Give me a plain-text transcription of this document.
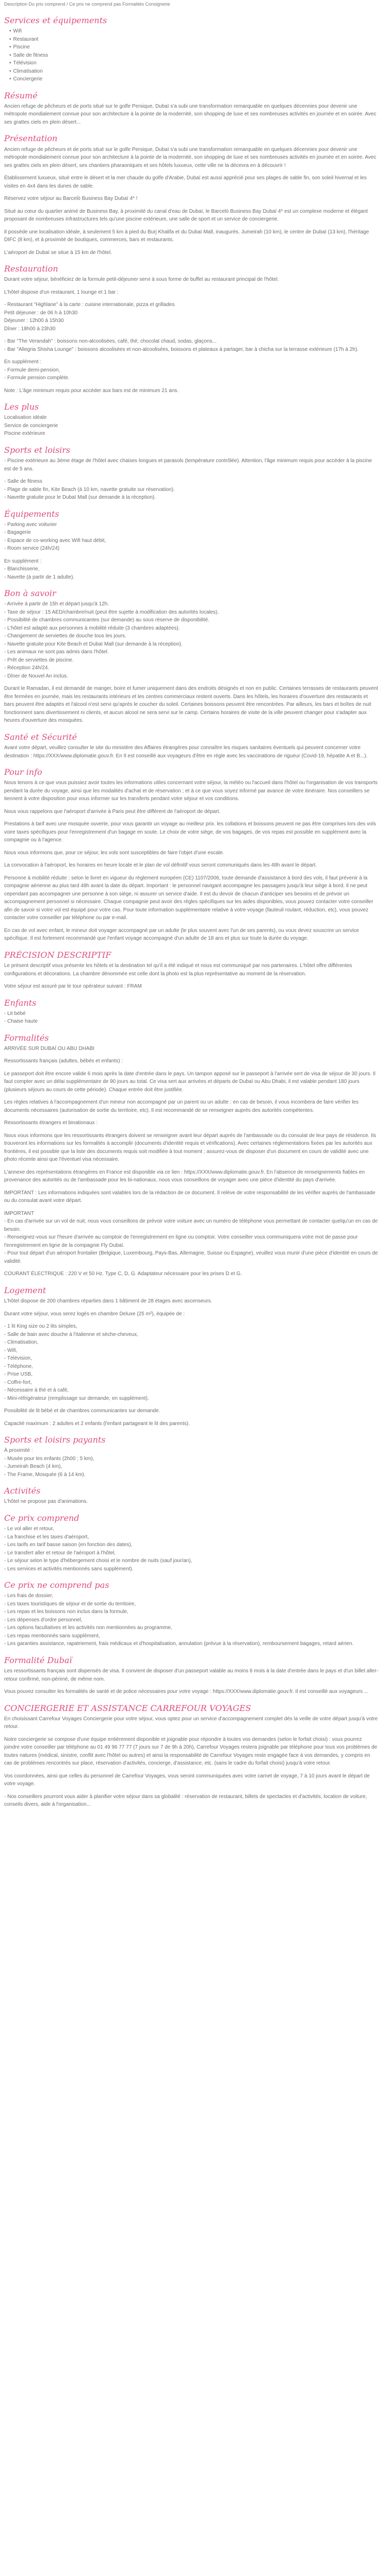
Description Du prix comprend / Ce prix ne comprend pas Formalités Consignerie
Services et équipements
• Wifi
• Restaurant
• Piscine
• Salle de fitness
• Télévision
• Climatisation
• Conciergerie
Résumé

Ancien refuge de pêcheurs et de ports situé sur le golfe Persique, Dubaï s'a subi une transformation remarquable en quelques décennies pour devenir une métropole mondialement connue pour son architecture à la pointe de la modernité, son shopping de luxe et ses nombreuses activités en journée et en soirée. Avec ses grattes ciels en plein désert...

Présentation

Ancien refuge de pêcheurs et de ports situé sur le golfe Persique, Dubaï s'a subi une transformation remarquable en quelques décennies pour devenir une métropole mondialement connue pour son architecture à la pointe de la modernité, son shopping de luxe et ses nombreuses activités en journée et en soirée. Avec ses grattes ciels en plein désert, ses chantiers pharaoniques et ses hôtels luxueux, cette ville ne la décevra en à découvrir !

Établissement luxueux, situé entre le désert et la mer chaude du golfe d'Arabie, Dubaï est aussi apprécié pour ses plages de sable fin, son soleil hivernal et les visites en 4x4 dans les dunes de sable.

Réservez votre séjour au Barcelò Business Bay Dubaï 4* !

Situé au cœur du quartier animé de Business Bay, à proximité du canal d'eau de Dubaï, le Barcelò Business Bay Dubaï 4* est un complexe moderne et élégant proposant de nombreuses infrastructures tels qu'une piscine extérieure, une salle de sport et un service de conciergerie.

Il possède une localisation idéale, à seulement 5 km à pied du Burj Khalifa et du Dubaï Mall, inaugurés. Jumeirah (10 km), le centre de Dubaï (13 km), l'héritage DIFC (8 km), et à proximité de boutiques, commerces, bars et restaurants.

L'aéroport de Dubaï se situe à 15 km de l'hôtel.

Restauration

Durant votre séjour, bénéficiez de la formule petit-déjeuner servi à sous forme de buffet au restaurant principal de l'hôtel.

L'hôtel dispose d'un restaurant, 1 lounge et 1 bar :

- Restaurant "Highlane" à la carte : cuisine internationale, pizza et grillades
Petit déjeuner : de 06 h à 10h30
Déjeuner : 12h00 à 15h30
Dîner : 18h00 à 23h30
- Bar "The Verandah" : boissons non-alcoolisées, café, thé, chocolat chaud, sodas, glaçons...
- Bar "Allegria Shisha Lounge" : boissons alcoolisées et non-alcoolisées, boissons et plateaux à partager, bar à chicha sur la terrasse extérieure (17h à 2h).
En supplément :
- Formule demi-pension,
- Formule pension complète.

Note : L'âge minimum requis pour accéder aux bars est de minimum 21 ans.

Les plus
Localisation idéale
Service de conciergerie
Piscine extérieure
Sports et loisirs

- Piscine extérieure au 3ème étage de l'hôtel avec chaises longues et parasols (température contrôlée). Attention, l'âge minimum requis pour accéder à la piscine est de 5 ans.

- Salle de fitness
- Plage de sable fin, Kite Beach (à 10 km, navette gratuite sur réservation).
- Navette gratuite pour le Dubaï Mall (sur demande à la réception).
Équipements
- Parking avec voiturier
- Bagagerie
- Espace de co-working avec Wifi haut débit,
- Room service (24h/24)
En supplément :
- Blanchisserie,
- Navette (à partir de 1 adulte).
Bon à savoir
- Arrivée à partir de 15h et départ jusqu'à 12h.
- Taxe de séjour : 15 AED/chambre/nuit (peut être sujette à modification des autorités locales).
- Possibilité de chambres communicantes (sur demande) au sous réserve de disponibilité.
- L'hôtel est adapté aux personnes à mobilité réduite (3 chambres adaptées).
- Changement de serviettes de douche tous les jours.
- Navette gratuite pour Kite Beach et Dubaï Mall (sur demande à la réception).
- Les animaux ne sont pas admis dans l'hôtel.
- Prêt de serviettes de piscine.
- Réception 24h/24.
- Dîner de Nouvel An inclus.

Durant le Ramadan, il est demandé de manger, boire et fumer uniquement dans des endroits désignés et non en public. Certaines terrasses de restaurants peuvent être fermées en journée, mais les restaurants intérieurs et les centres commerciaux restent ouverts. Dans les hôtels, les horaires d'ouverture des restaurants et bars peuvent être adaptés et l'alcool n'est servi qu'après le coucher du soleil. Certaines boissons peuvent être rencontrées. Par ailleurs, les bars et boîtes de nuit fonctionnent sans divertissement ni clients, et aucun alcool ne sera servi sur le camp. Certains horaires de visite de la ville peuvent changer pour s'adapter aux heures d'ouverture des mosquées.

Santé et Sécurité

Avant votre départ, veuillez consulter le site du ministère des Affaires étrangères pour connaître les risques sanitaires éventuels qui peuvent concerner votre destination : https://XXX/www.diplomatie.gouv.fr. En Il est conseillé aux voyageurs d'être en règle avec les vaccinations de rigueur (Covid-19, hépatite A et B...).

Pour info

Nous tenons à ce que vous puissiez avoir toutes les informations utiles concernant votre séjour, la météo ou l'accueil dans l'hôtel ou l'organisation de vos transports pendant la durée du voyage, ainsi que les modalités d'achat et de réservation ; et à ce que vous soyez informé par avance de votre itinéraire. Nos conseillers se tiennent à votre disposition pour vous informer sur les transferts pendant votre séjour et vos conditions.

Nous vous rappelons que l'aéroport d'arrivée à Paris peut être différent de l'aéroport de départ.

Prestations à tarif avec une mosquée ouverte, pour vous garantir un voyage au meilleur prix. les collations et boissons peuvent ne pas être comprises lors des vols voire taxes spécifiques pour l'enregistrement d'un bagage en soute. Le choix de votre siège, de vos bagages, de vos repas est possible en supplément avec la compagnie ou à l'agence.

Nous vous informons que, pour ce séjour, les vols sont susceptibles de faire l'objet d'une escale.

La convocation à l'aéroport, les horaires en heure locale et le plan de vol définitif vous seront communiqués dans les 48h avant le départ.

Personne à mobilité réduite : selon le livret en vigueur du règlement européen (CE) 1107/2006, toute demande d'assistance à bord des vols, il faut prévenir à la compagnie aérienne au plus tard 48h avant la date du départ. Important : le personnel navigant accompagne les passagers jusqu'à leur siège à bord. Il ne peut cependant pas accompagner une personne à son siège, ni assurer un service d'aide. Il est du devoir de chacun d'anticiper ses besoins et de prévoir un accompagnement personnel si nécessaire. Chaque compagnie peut avoir des règles spécifiques sur les aides disponibles, vous pouvez contacter votre conseiller afin de savoir si votre vol est équipé pour votre cas. Pour toute information supplémentaire relative à votre voyage (fauteuil roulant, réduction, etc), vous pouvez contacter votre conseiller par téléphone ou par e-mail.

En cas de vol avec enfant, le mineur doit voyager accompagné par un adulte (le plus souvent avec l'un de ses parents), ou vous devez souscrire un service spécifique. Il est fortement recommandé que l'enfant voyage accompagné d'un adulte de 18 ans et plus sur toute la durée du voyage.

PRÉCISION DESCRIPTIF

Le présent descriptif vous présente les hôtels et la destination tel qu'il a été indiqué et nous est communiqué par nos partenaires. L'hôtel offre différentes configurations et décorations. La chambre dénommée est celle dont la photo est la plus représentative au moment de la réservation.

Votre séjour est assuré par le tour opérateur suivant : FRAM

Enfants
- Lit bébé
- Chaise haute
Formalités

ARRIVÉE SUR DUBAÏ OU ABU DHABI

Ressortissants français (adultes, bébés et enfants) :

Le passeport doit être encore valide 6 mois après la date d'entrée dans le pays. Un tampon apposé sur le passeport à l'arrivée sert de visa de séjour de 30 jours. Il faut compter avec un délai supplémentaire de 90 jours au total. Ce visa sert aux arrivées et départs de Dubaï ou Abu Dhabi, il est valable pendant 180 jours (plusieurs séjours au cours de cette période). Chaque entrée doit être justifiée.

Les règles relatives à l'accompagnement d'un mineur non accompagné par un parent ou un adulte : en cas de besoin, il vous incombera de faire vérifier les documents nécessaires (autorisation de sortie du territoire, etc). Il est recommandé de se renseigner auprès des autorités compétentes.

Ressortissants étrangers et binationaux :

Nous vous informons que les ressortissants étrangers doivent se renseigner avant leur départ auprès de l'ambassade ou du consulat de leur pays de résidence. Ils trouveront les informations sur les formalités à accomplir (documents d'identité requis et vérifications). Avec certaines réglementations fixées par les autorités aux frontières, il est possible que la liste des documents requis soit modifiée à tout moment ; assurez-vous de disposer d'un document en cours de validité avec une photo récente ainsi que l'éventuel visa nécessaire.

L'annexe des représentations étrangères en France est disponible via ce lien : https://XXX/www.diplomatie.gouv.fr. En l'absence de renseignements fiables en provenance des autorités ou de l'ambassade pour les bi-nationaux, nous vous conseillons de voyager avec une pièce d'identité du pays d'arrivée.

IMPORTANT : Les informations indiquées sont valables lors de la rédaction de ce document. Il relève de votre responsabilité de les vérifier auprès de l'ambassade ou du consulat avant votre départ.

IMPORTANT
- En cas d'arrivée sur un vol de nuit, nous vous conseillons de prévoir votre voiture avec un numéro de téléphone vous permettant de contacter quelqu'un en cas de besoin.
- Renseignez-vous sur l'heure d'arrivée au comptoir de l'enregistrement en ligne ou comptoir. Votre conseiller vous communiquera votre mot de passe pour l'enregistrement en ligne de la compagnie Fly Dubaï.
- Pour tout départ d'un aéroport frontalier (Belgique, Luxembourg, Pays-Bas, Allemagne, Suisse ou Espagne), veuillez vous munir d'une pièce d'identité en cours de validité.

COURANT ÉLECTRIQUE : 220 V et 50 Hz. Type C, D, G. Adaptateur nécessaire pour les prises D et G.

Logement

L'hôtel dispose de 200 chambres réparties dans 1 bâtiment de 28 étages avec ascenseurs.

Durant votre séjour, vous serez logés en chambre Deluxe (25 m²), équipée de :

- 1 lit King size ou 2 lits simples,
- Salle de bain avec douche à l'italienne et sèche-cheveux,
- Climatisation,
- Wifi,
- Télévision,
- Téléphone,
- Prise USB,
- Coffre-fort,
- Nécessaire à thé et à café,
- Mini-réfrigérateur (remplissage sur demande, en supplément).

Possibilité de lit bébé et de chambres communicantes sur demande.

Capacité maximum : 2 adultes et 2 enfants (l'enfant partageant le lit des parents).

Sports et loisirs payants
À proximité :
- Musée pour les enfants (2h00 ; 5 km),
- Jumeirah Beach (4 km),
- The Frame, Mosquée (6 à 14 km).
Activités

L'hôtel ne propose pas d'animations.

Ce prix comprend
- Le vol aller et retour,
- La franchise et les taxes d'aéroport,
- Les tarifs en tarif basse saison (en fonction des dates),
- Le transfert aller et retour de l'aéroport à l'hôtel,
- Le séjour selon le type d'hébergement choisi et le nombre de nuits (sauf jour/an),
- Les services et activités mentionnés sans supplément).
Ce prix ne comprend pas
- Les frais de dossier,
- Les taxes touristiques de séjour et de sortie du territoire,
- Les repas et les boissons non inclus dans la formule,
- Les dépenses d'ordre personnel,
- Les options facultatives et les activités non mentionnées au programme,
- Les repas mentionnés sans supplément,
- Les garanties assistance, rapatriement, frais médicaux et d'hospitalisation, annulation (prévue à la réservation), remboursement bagages, retard aérien.
Formalité Dubaï

Les ressortissants français sont dispensés de visa. Il convient de disposer d'un passeport valable au moins 6 mois à la date d'entrée dans le pays et d'un billet aller-retour confirmé, non-périmé, de même nom.

Vous pouvez consulter les formalités de santé et de police nécessaires pour votre voyage : https://XXX/www.diplomatie.gouv.fr. Il est conseillé aux voyageurs ...

CONCIERGERIE ET ASSISTANCE CARREFOUR VOYAGES

En choisissant Carrefour Voyages Conciergerie pour votre séjour, vous optez pour un service d'accompagnement complet dès la veille de votre départ jusqu'à votre retour.

Notre conciergerie se compose d'une équipe entièrement disponible et joignable pour répondre à toutes vos demandes (selon le forfait choisi) : vous pourrez joindre votre conseiller par téléphone au 01 49 96 77 77 (7 jours sur 7 de 9h à 20h), Carrefour Voyages restera joignable par téléphone pour tous vos problèmes de toutes natures (médical, sinistre, conflit avec l'hôtel ou autres) et ainsi la responsabilité de Carrefour Voyages reste engagée face à vos demandes, y compris en cas de problèmes rencontrés sur place, réservation d'activités, concierge, d'assistance, etc. (sans le cadre du forfait choisi) jusqu'à votre retour.

Vos coordonnées, ainsi que celles du personnel de Carrefour Voyages, vous seront communiquées avec votre carnet de voyage, 7 à 10 jours avant le départ de votre voyage.

- Nos conseillers pourront vous aider à planifier votre séjour dans sa globalité : réservation de restaurant, billets de spectacles et d'activités, location de voiture, conseils divers, aide à l'organisation...
